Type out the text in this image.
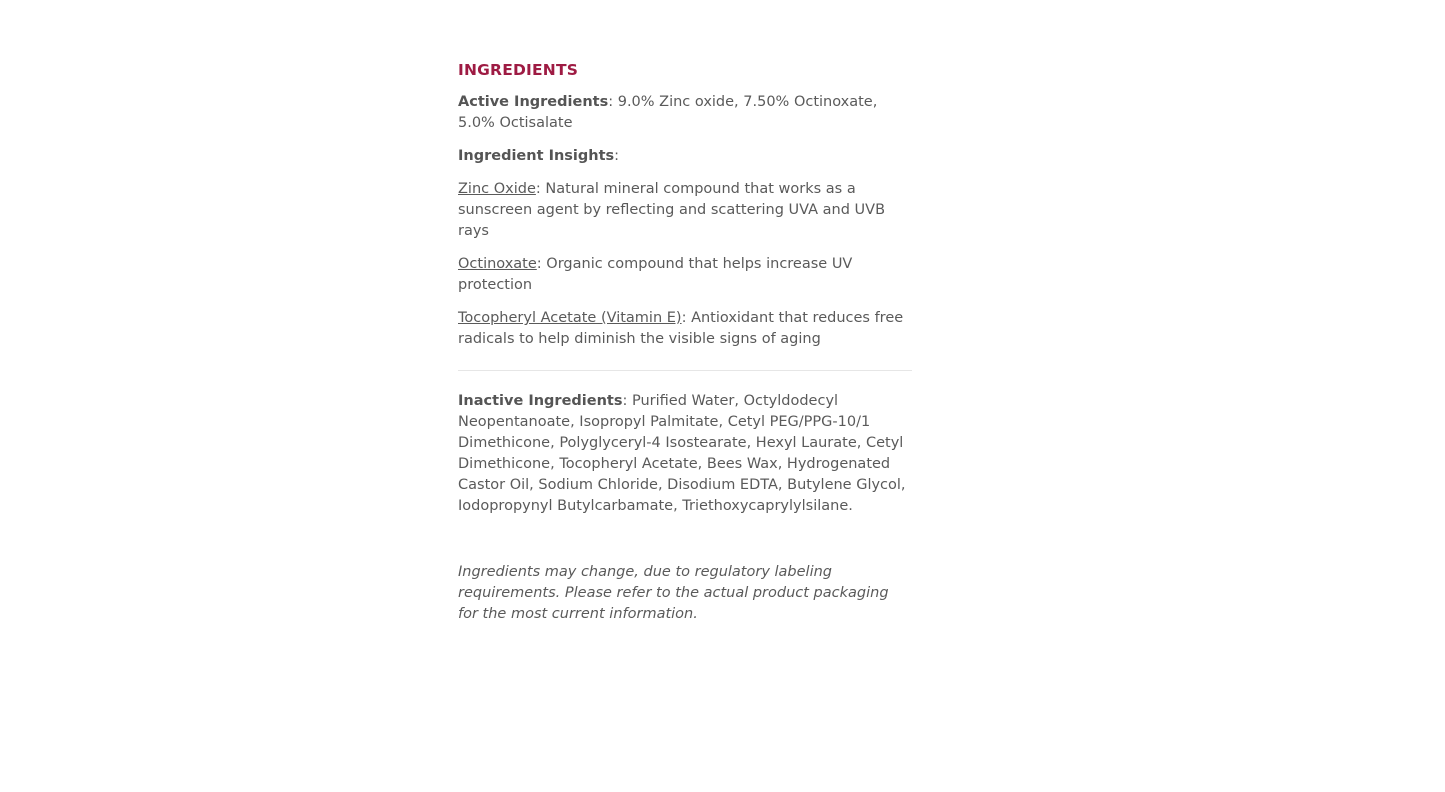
INGREDIENTS

Active Ingredients: 9.0% Zinc oxide, 7.50% Octinoxate, 5.0% Octisalate

Ingredient Insights:

Zinc Oxide: Natural mineral compound that works as a sunscreen agent by reflecting and scattering UVA and UVB rays

Octinoxate: Organic compound that helps increase UV protection

Tocopheryl Acetate (Vitamin E): Antioxidant that reduces free radicals to help diminish the visible signs of aging

Inactive Ingredients: Purified Water, Octyldodecyl Neopentanoate, Isopropyl Palmitate, Cetyl PEG/PPG-10/1 Dimethicone, Polyglyceryl-4 Isostearate, Hexyl Laurate, Cetyl Dimethicone, Tocopheryl Acetate, Bees Wax, Hydrogenated Castor Oil, Sodium Chloride, Disodium EDTA, Butylene Glycol, Iodopropynyl Butylcarbamate, Triethoxycaprylylsilane.

Ingredients may change, due to regulatory labeling requirements. Please refer to the actual product packaging for the most current information.
